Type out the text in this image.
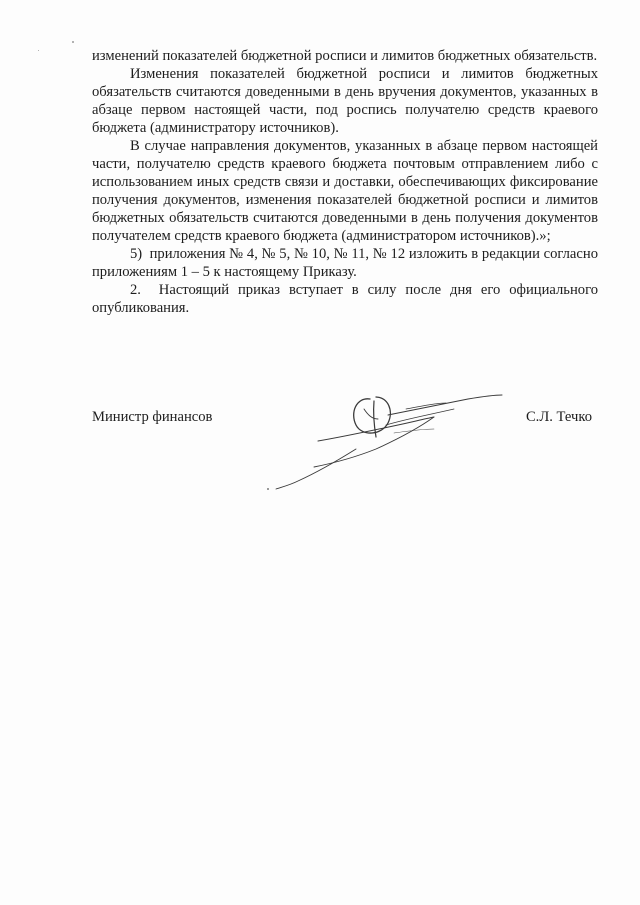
изменений показателей бюджетной росписи и лимитов бюджетных обязательств.

Изменения показателей бюджетной росписи и лимитов бюджетных обязательств считаются доведенными в день вручения документов, указанных в абзаце первом настоящей части, под роспись получателю средств краевого бюджета (администратору источников).

В случае направления документов, указанных в абзаце первом настоящей части, получателю средств краевого бюджета почтовым отправлением либо с использованием иных средств связи и доставки, обеспечивающих фиксирование получения документов, изменения показателей бюджетной росписи и лимитов бюджетных обязательств считаются доведенными в день получения документов получателем средств краевого бюджета (администратором источников).»;

5)  приложения № 4, № 5, № 10, № 11, № 12 изложить в редакции согласно приложениям 1 – 5 к настоящему Приказу.

2.  Настоящий приказ вступает в силу после дня его официального опубликования.

Министр финансов	С.Л. Течко
